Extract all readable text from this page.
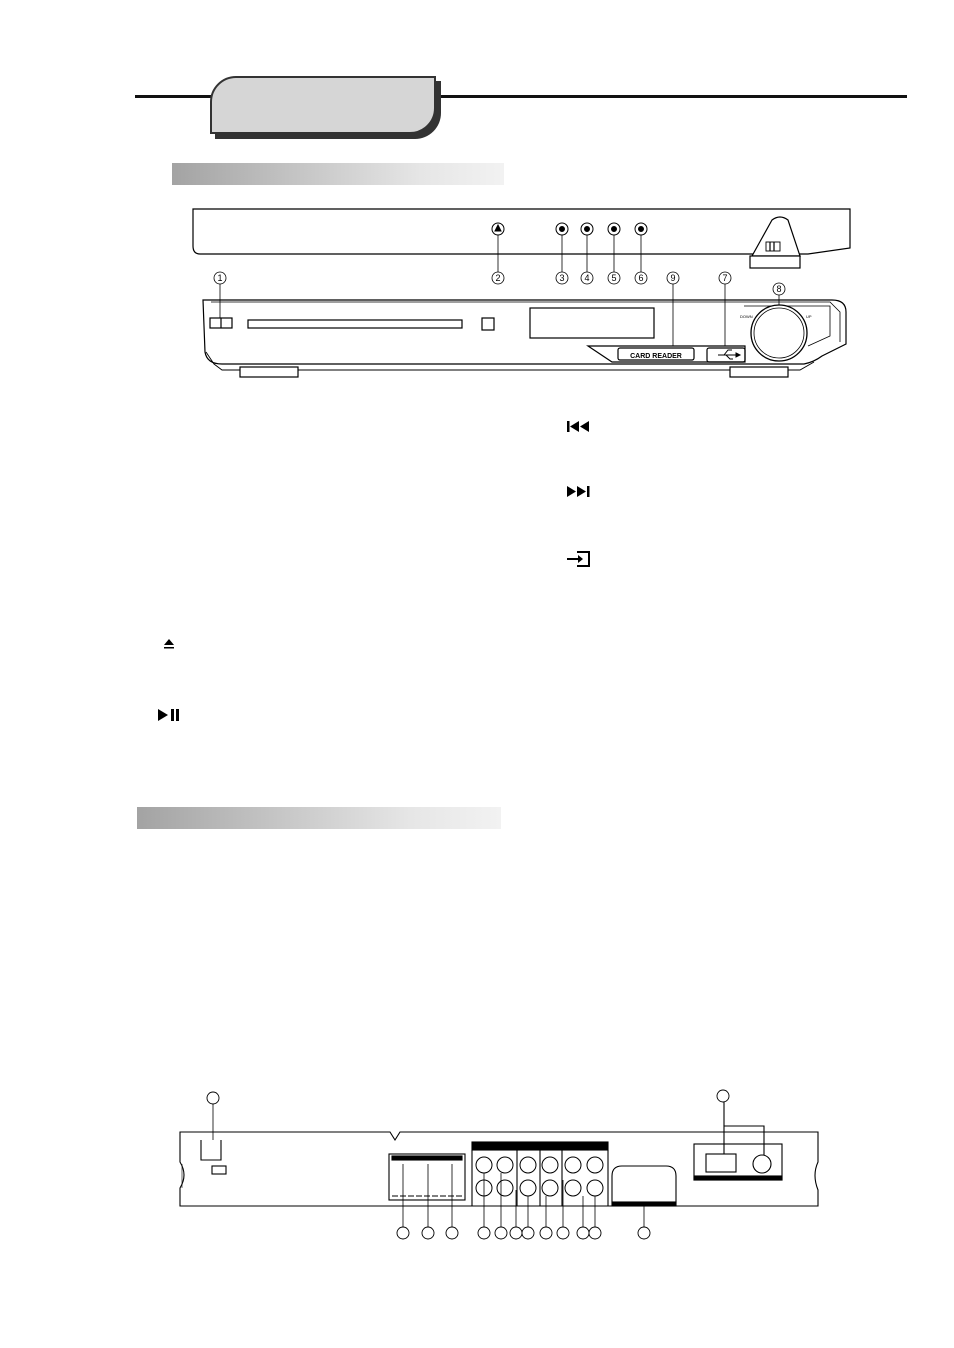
1	2	3 4 5 6	9	7
8
CARD READER
DOWN	UP
